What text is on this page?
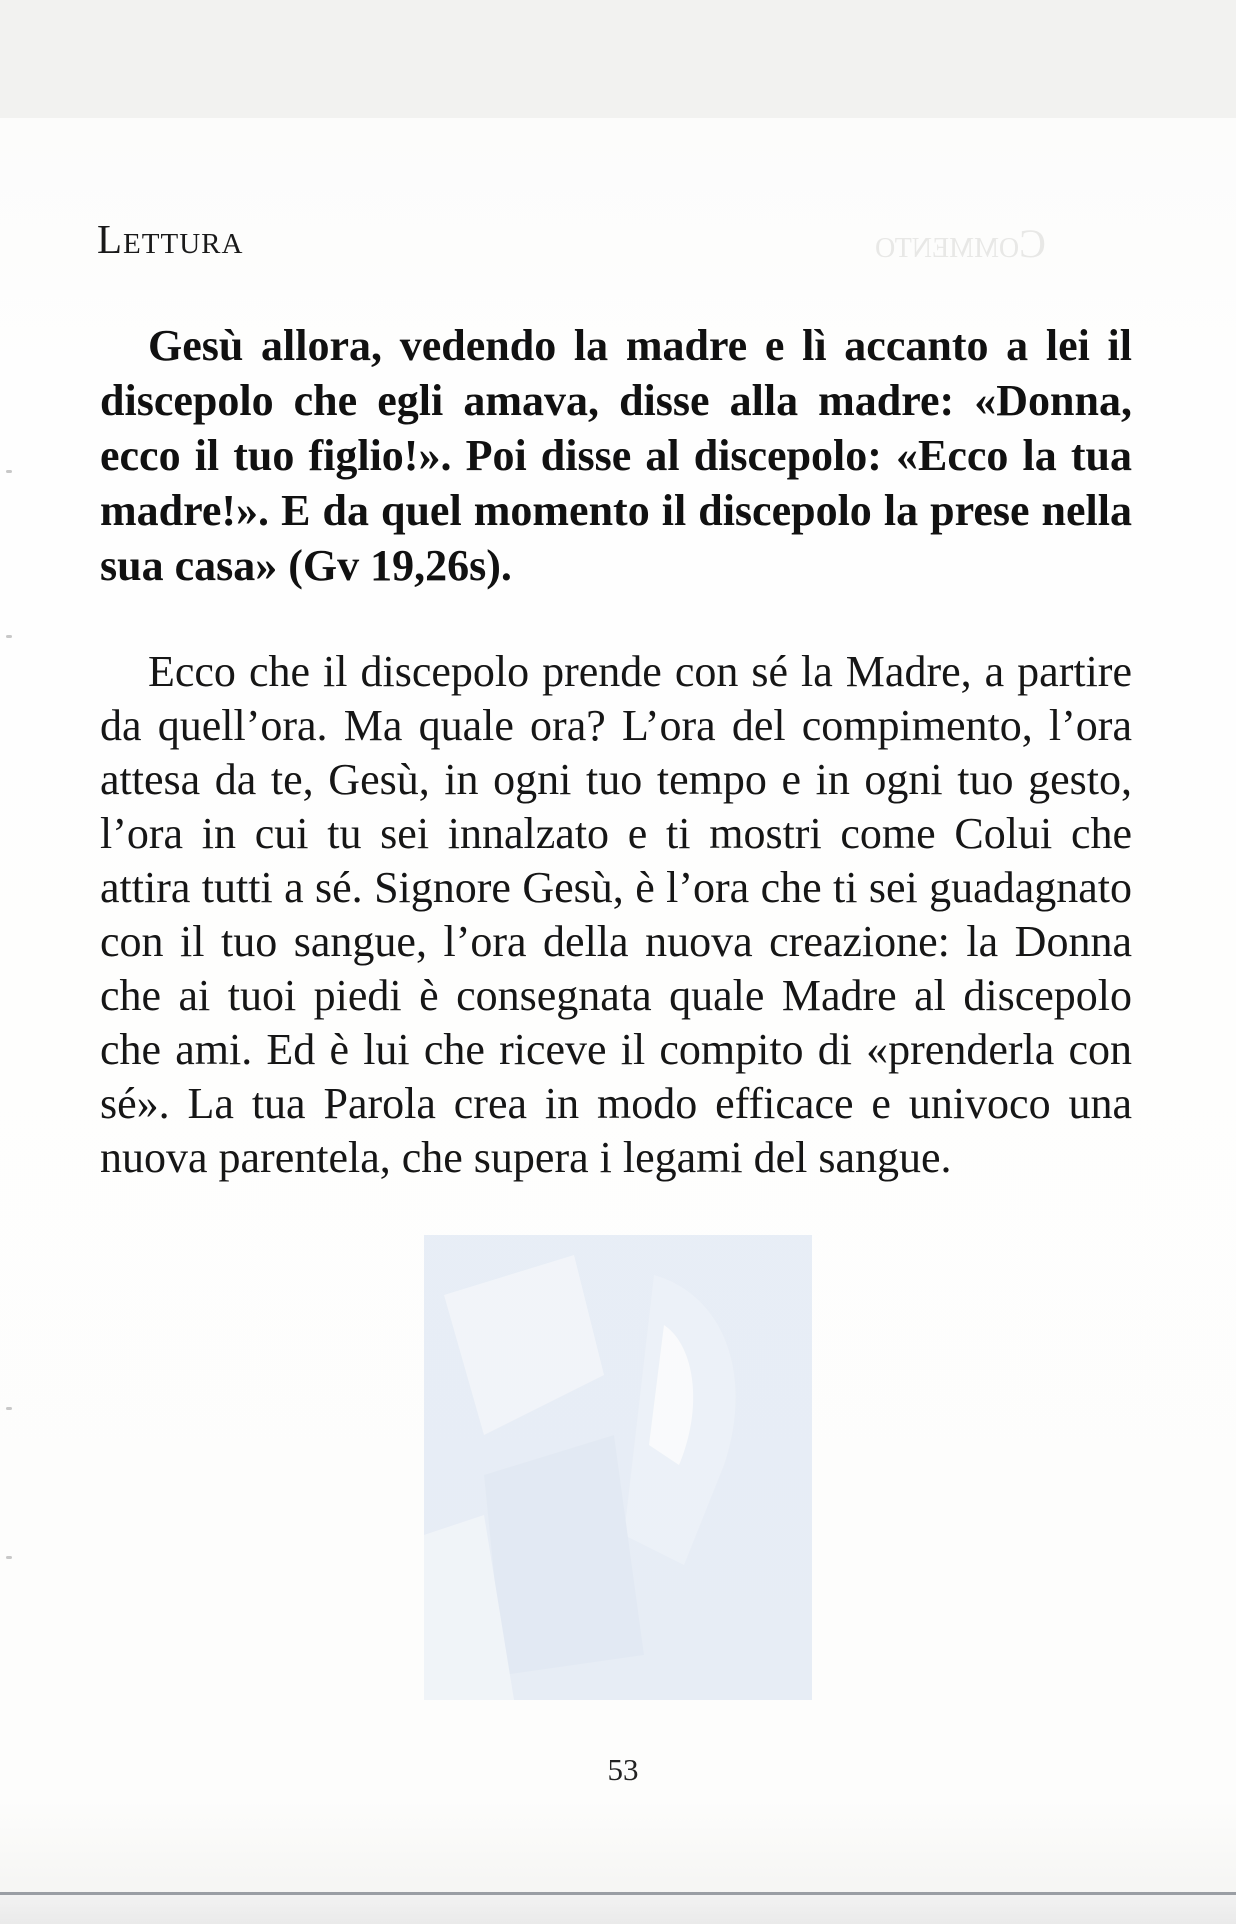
Commento

Lettura

Gesù allora, vedendo la madre e lì accanto a lei il discepolo che egli amava, disse alla madre: «Donna, ecco il tuo figlio!». Poi disse al discepolo: «Ecco la tua madre!». E da quel momento il discepolo la prese nella sua casa» (Gv 19,26s).

Ecco che il discepolo prende con sé la Madre, a partire da quell’ora. Ma quale ora? L’ora del compimento, l’ora attesa da te, Gesù, in ogni tuo tempo e in ogni tuo gesto, l’ora in cui tu sei innalzato e ti mostri come Colui che attira tutti a sé. Signore Gesù, è l’ora che ti sei guadagnato con il tuo sangue, l’ora della nuova creazione: la Donna che ai tuoi piedi è consegnata quale Madre al discepolo che ami. Ed è lui che riceve il compito di «prenderla con sé». La tua Parola crea in modo efficace e univoco una nuova parentela, che supera i legami del sangue.

53
